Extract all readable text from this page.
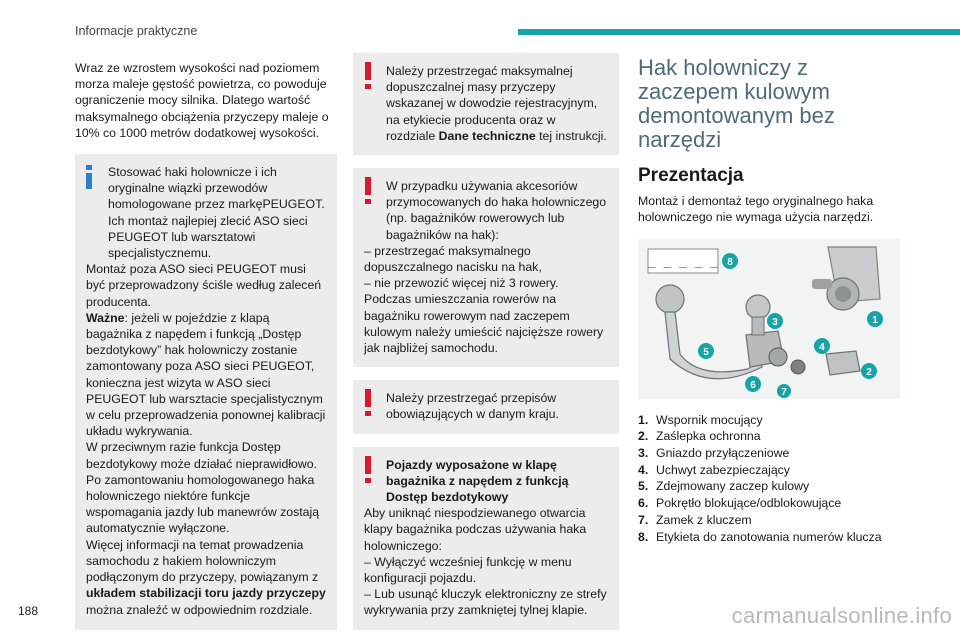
Informacje praktyczne

Wraz ze wzrostem wysokości nad poziomem morza maleje gęstość powietrza, co powoduje ograniczenie mocy silnika. Dlatego wartość maksymalnego obciążenia przyczepy maleje o 10% co 1000 metrów dodatkowej wysokości.

Stosować haki holownicze i ich oryginalne wiązki przewodów homologowane przez markęPEUGEOT. Ich montaż najlepiej zlecić ASO sieci PEUGEOT lub warsztatowi specjalistycznemu.

Montaż poza ASO sieci PEUGEOT musi być przeprowadzony ściśle według zaleceń producenta.

Ważne: jeżeli w pojeździe z klapą bagażnika z napędem i funkcją „Dostęp bezdotykowy” hak holowniczy zostanie zamontowany poza ASO sieci PEUGEOT, konieczna jest wizyta w ASO sieci PEUGEOT lub warsztacie specjalistycznym w celu przeprowadzenia ponownej kalibracji układu wykrywania.

W przeciwnym razie funkcja Dostęp bezdotykowy może działać nieprawidłowo.

Po zamontowaniu homologowanego haka holowniczego niektóre funkcje wspomagania jazdy lub manewrów zostają automatycznie wyłączone.

Więcej informacji na temat prowadzenia samochodu z hakiem holowniczym podłączonym do przyczepy, powiązanym z układem stabilizacji toru jazdy przyczepy można znaleźć w odpowiednim rozdziale.

Należy przestrzegać maksymalnej dopuszczalnej masy przyczepy wskazanej w dowodzie rejestracyjnym, na etykiecie producenta oraz w rozdziale Dane techniczne tej instrukcji.

W przypadku używania akcesoriów przymocowanych do haka holowniczego (np. bagażników rowerowych lub bagażników na hak):

– przestrzegać maksymalnego dopuszczalnego nacisku na hak,

– nie przewozić więcej niż 3 rowery.

Podczas umieszczania rowerów na bagażniku rowerowym nad zaczepem kulowym należy umieścić najcięższe rowery jak najbliżej samochodu.

Należy przestrzegać przepisów obowiązujących w danym kraju.

Pojazdy wyposażone w klapę bagażnika z napędem z funkcją Dostęp bezdotykowy

Aby uniknąć niespodziewanego otwarcia klapy bagażnika podczas używania haka holowniczego:

– Wyłączyć wcześniej funkcję w menu konfiguracji pojazdu.

– Lub usunąć kluczyk elektroniczny ze strefy wykrywania przy zamkniętej tylnej klapie.

Hak holowniczy z zaczepem kulowym demontowanym bez narzędzi
Prezentacja

Montaż i demontaż tego oryginalnego haka holowniczego nie wymaga użycia narzędzi.

_ _ _ _ _ 8
3	1
4
5
2
6
7
1. Wspornik mocujący
2. Zaślepka ochronna
3. Gniazdo przyłączeniowe
4. Uchwyt zabezpieczający
5. Zdejmowany zaczep kulowy
6. Pokrętło blokujące/odblokowujące
7. Zamek z kluczem
8. Etykieta do zanotowania numerów klucza
188	carmanualsonline.info
